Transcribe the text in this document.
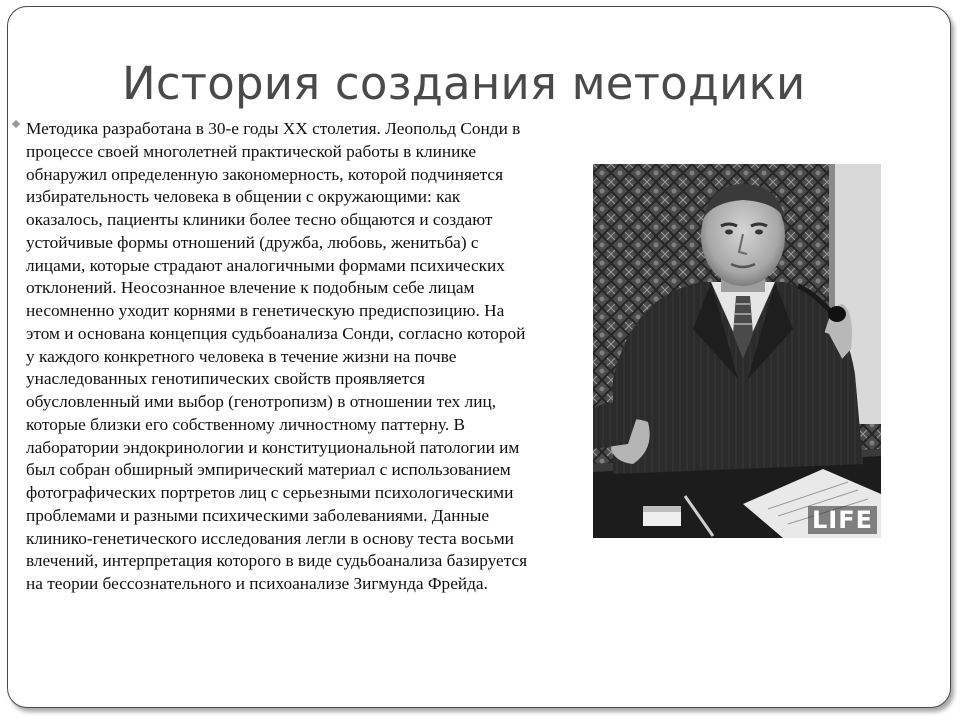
История создания методики

Методика разработана в 30-е годы XX столетия. Леопольд Сонди в процессе своей многолетней практической работы в клинике обнаружил определенную закономерность, которой подчиняется избирательность человека в общении с окружающими: как оказалось, пациенты клиники более тесно общаются и создают устойчивые формы отношений (дружба, любовь, женитьба) с лицами, которые страдают аналогичными формами психических отклонений. Неосознанное влечение к подобным себе лицам несомненно уходит корнями в генетическую предиспозицию. На этом и основана концепция судьбоанализа Сонди, согласно которой у каждого конкретного человека в течение жизни на почве унаследованных генотипических свойств проявляется обусловленный ими выбор (генотропизм) в отношении тех лиц, которые близки его собственному личностному паттерну. В лаборатории эндокринологии и конституциональной патологии им был собран обширный эмпирический материал с использованием фотографических портретов лиц с серьезными психологическими проблемами и разными психическими заболеваниями. Данные клинико-генетического исследования легли в основу теста восьми влечений, интерпретация которого в виде судьбоанализа базируется на теории бессознательного и психоанализе Зигмунда Фрейда.

LIFE
